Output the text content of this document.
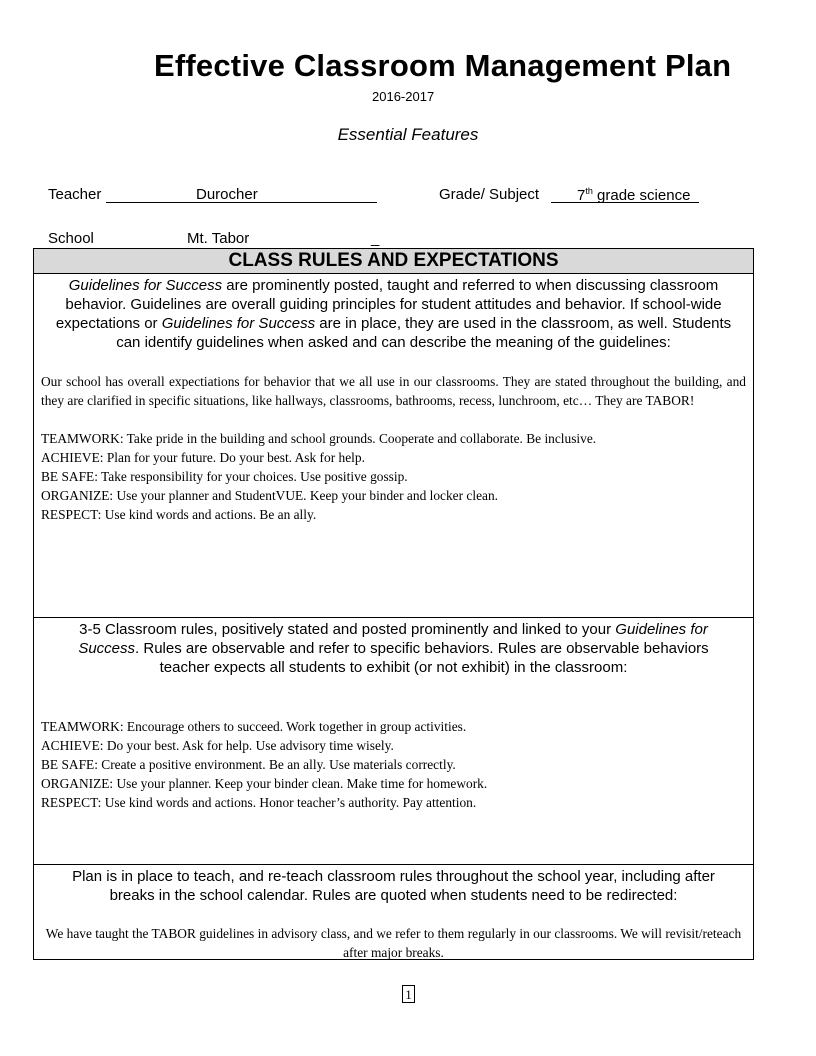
Effective Classroom Management Plan
2016-2017
Essential Features
Teacher	Durocher	Grade/ Subject	7th grade science
School	Mt. Tabor	_
CLASS RULES AND EXPECTATIONS
Guidelines for Success are prominently posted, taught and referred to when discussing classroom behavior. Guidelines are overall guiding principles for student attitudes and behavior. If school-wide expectations or Guidelines for Success are in place, they are used in the classroom, as well. Students can identify guidelines when asked and can describe the meaning of the guidelines:

Our school has overall expectiations for behavior that we all use in our classrooms. They are stated throughout the building, and they are clarified in specific situations, like hallways, classrooms, bathrooms, recess, lunchroom, etc… They are TABOR!

TEAMWORK: Take pride in the building and school grounds. Cooperate and collaborate. Be inclusive.

ACHIEVE: Plan for your future. Do your best. Ask for help.

BE SAFE: Take responsibility for your choices. Use positive gossip.

ORGANIZE: Use your planner and StudentVUE. Keep your binder and locker clean.

RESPECT: Use kind words and actions. Be an ally.

3-5 Classroom rules, positively stated and posted prominently and linked to your Guidelines for Success. Rules are observable and refer to specific behaviors. Rules are observable behaviors teacher expects all students to exhibit (or not exhibit) in the classroom:

TEAMWORK: Encourage others to succeed. Work together in group activities.

ACHIEVE: Do your best. Ask for help. Use advisory time wisely.

BE SAFE: Create a positive environment. Be an ally. Use materials correctly.

ORGANIZE: Use your planner. Keep your binder clean. Make time for homework.

RESPECT: Use kind words and actions. Honor teacher’s authority. Pay attention.

Plan is in place to teach, and re-teach classroom rules throughout the school year, including after breaks in the school calendar. Rules are quoted when students need to be redirected:
We have taught the TABOR guidelines in advisory class, and we refer to them regularly in our classrooms. We will revisit/reteach after major breaks.
1
